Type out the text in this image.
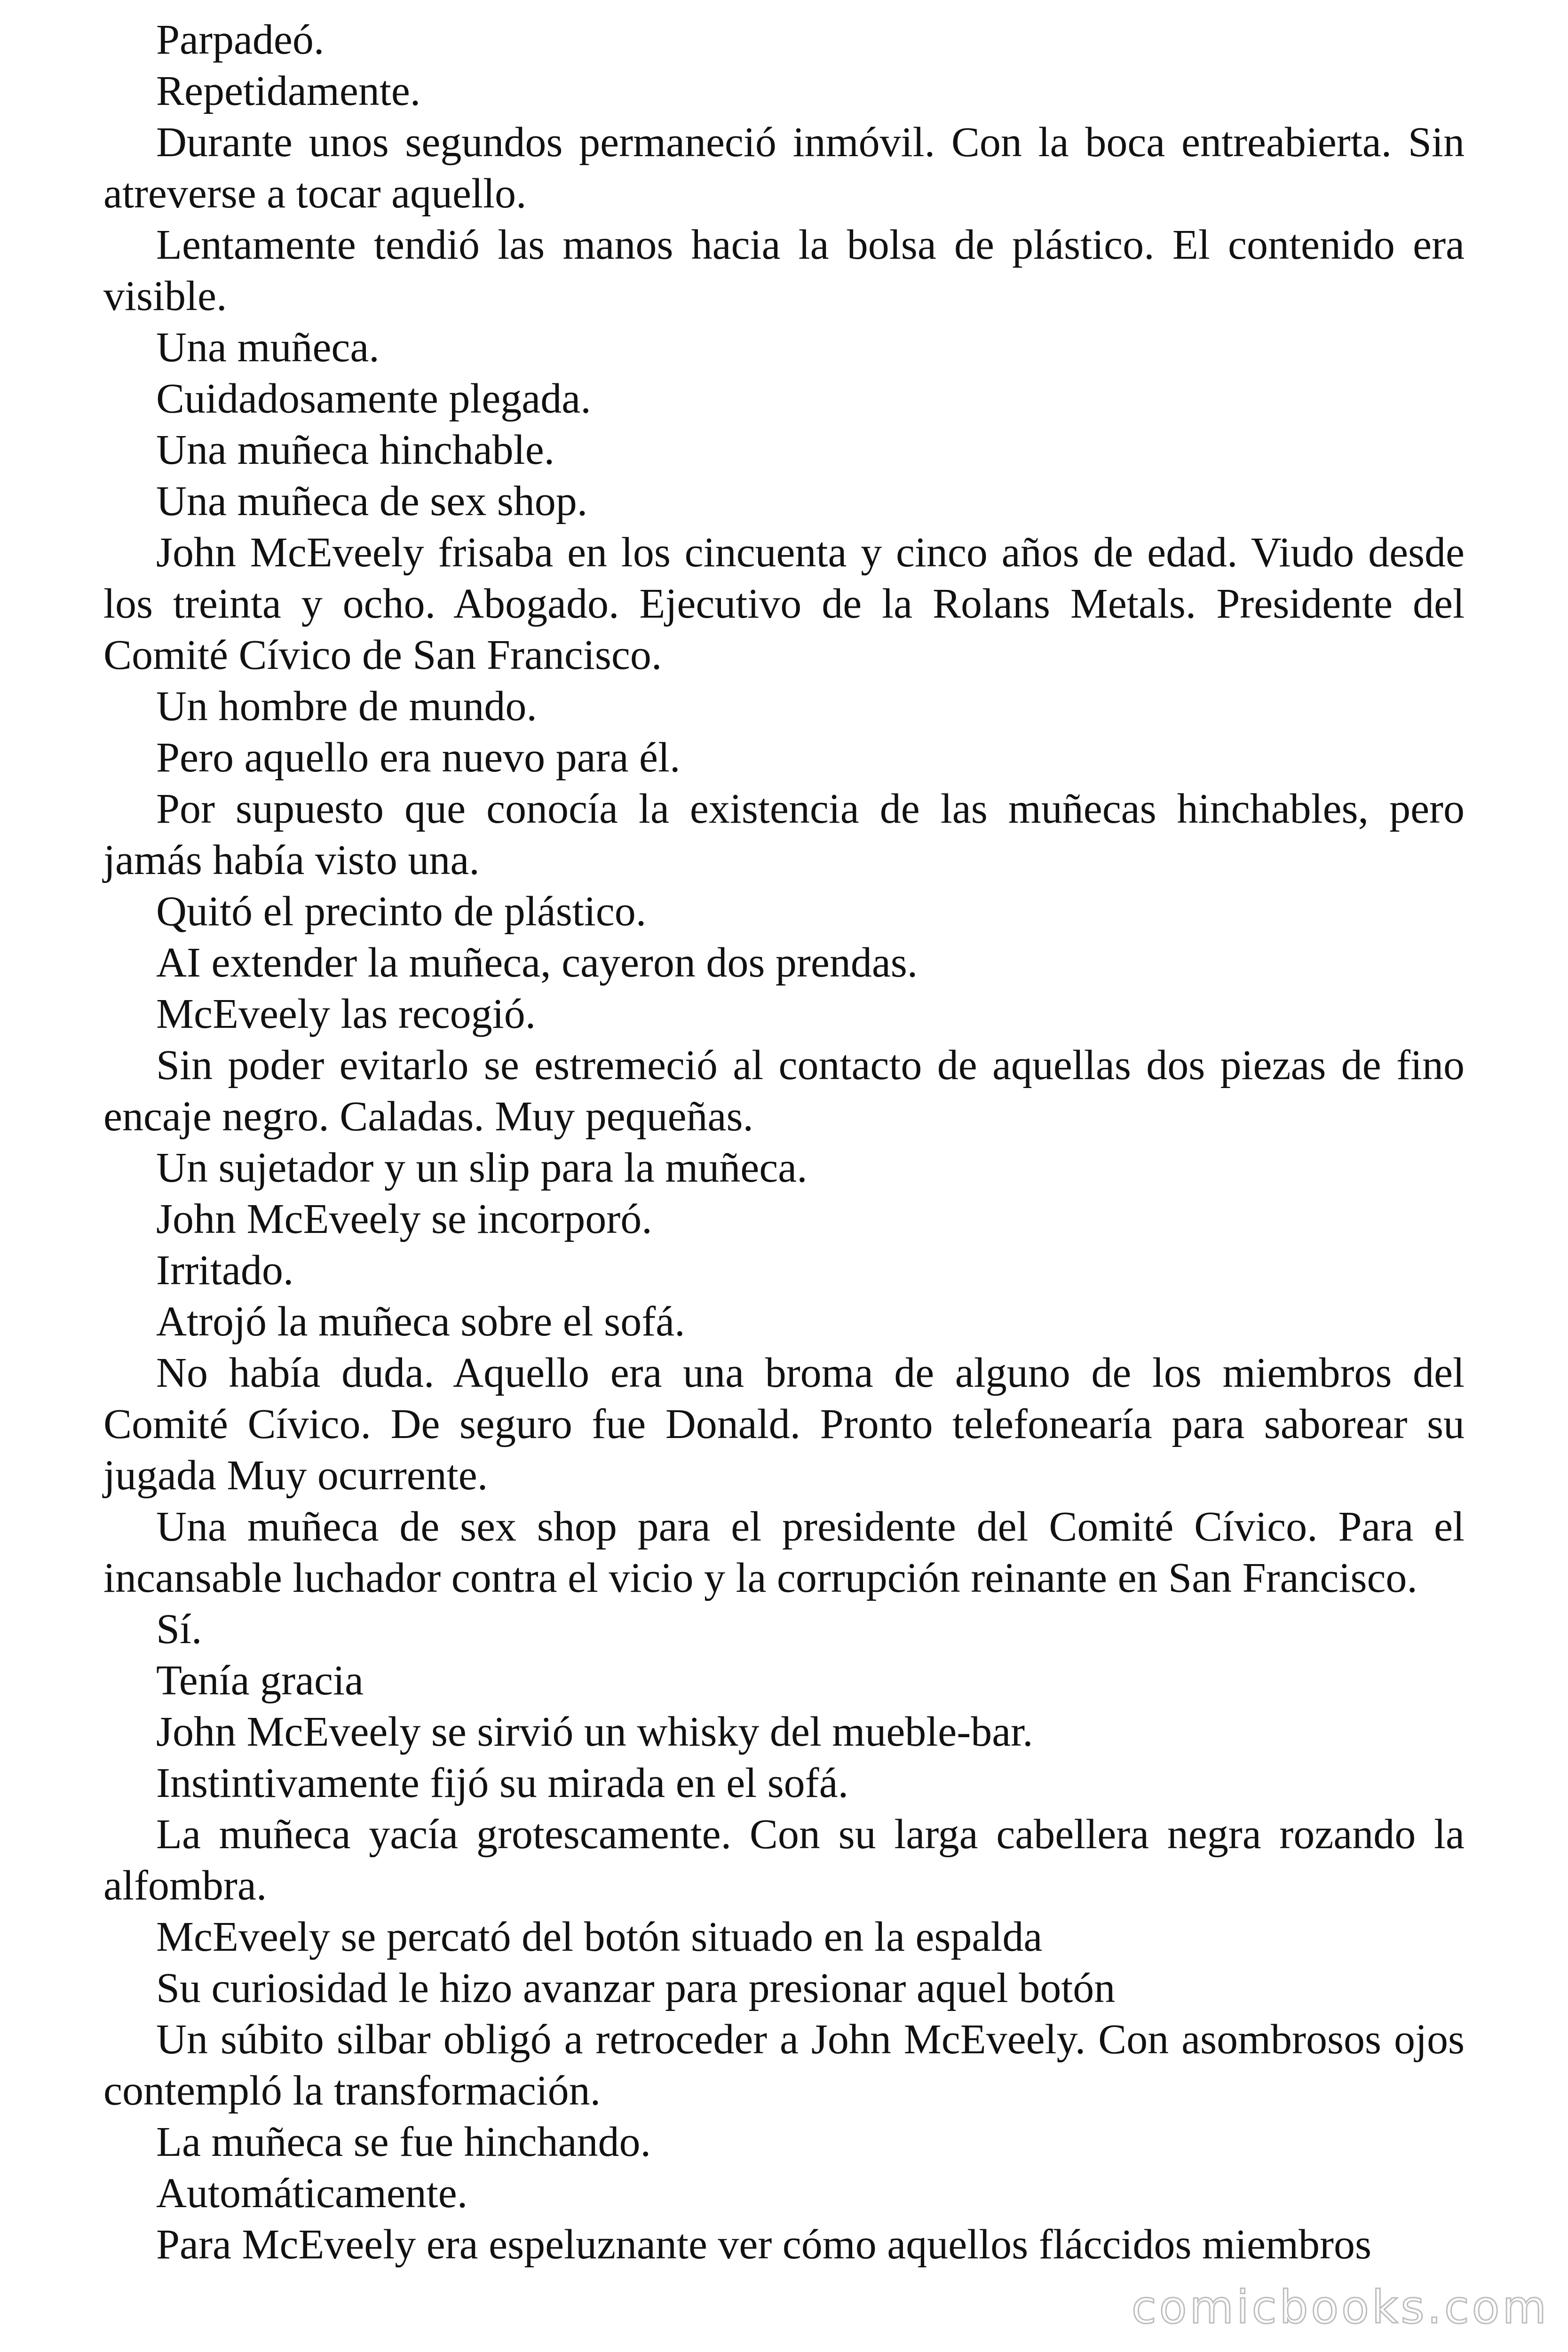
Parpadeó.

Repetidamente.

Durante unos segundos permaneció inmóvil. Con la boca entreabierta. Sin atreverse a tocar aquello.

Lentamente tendió las manos hacia la bolsa de plástico. El contenido era visible.

Una muñeca.

Cuidadosamente plegada.

Una muñeca hinchable.

Una muñeca de sex shop.

John McEveely frisaba en los cincuenta y cinco años de edad. Viudo desde los treinta y ocho. Abogado. Ejecutivo de la Rolans Metals. Presidente del Comité Cívico de San Francisco.

Un hombre de mundo.

Pero aquello era nuevo para él.

Por supuesto que conocía la existencia de las muñecas hinchables, pero jamás había visto una.

Quitó el precinto de plástico.

AI extender la muñeca, cayeron dos prendas.

McEveely las recogió.

Sin poder evitarlo se estremeció al contacto de aquellas dos piezas de fino encaje negro. Caladas. Muy pequeñas.

Un sujetador y un slip para la muñeca.

John McEveely se incorporó.

Irritado.

Atrojó la muñeca sobre el sofá.

No había duda. Aquello era una broma de alguno de los miembros del Comité Cívico. De seguro fue Donald. Pronto telefonearía para saborear su jugada Muy ocurrente.

Una muñeca de sex shop para el presidente del Comité Cívico. Para el incansable luchador contra el vicio y la corrupción reinante en San Francisco.

Sí.

Tenía gracia

John McEveely se sirvió un whisky del mueble-bar.

Instintivamente fijó su mirada en el sofá.

La muñeca yacía grotescamente. Con su larga cabellera negra rozando la alfombra.

McEveely se percató del botón situado en la espalda

Su curiosidad le hizo avanzar para presionar aquel botón

Un súbito silbar obligó a retroceder a John McEveely. Con asombrosos ojos contempló la transformación.

La muñeca se fue hinchando.

Automáticamente.

Para McEveely era espeluznante ver cómo aquellos fláccidos miembros

comicbooks.com
